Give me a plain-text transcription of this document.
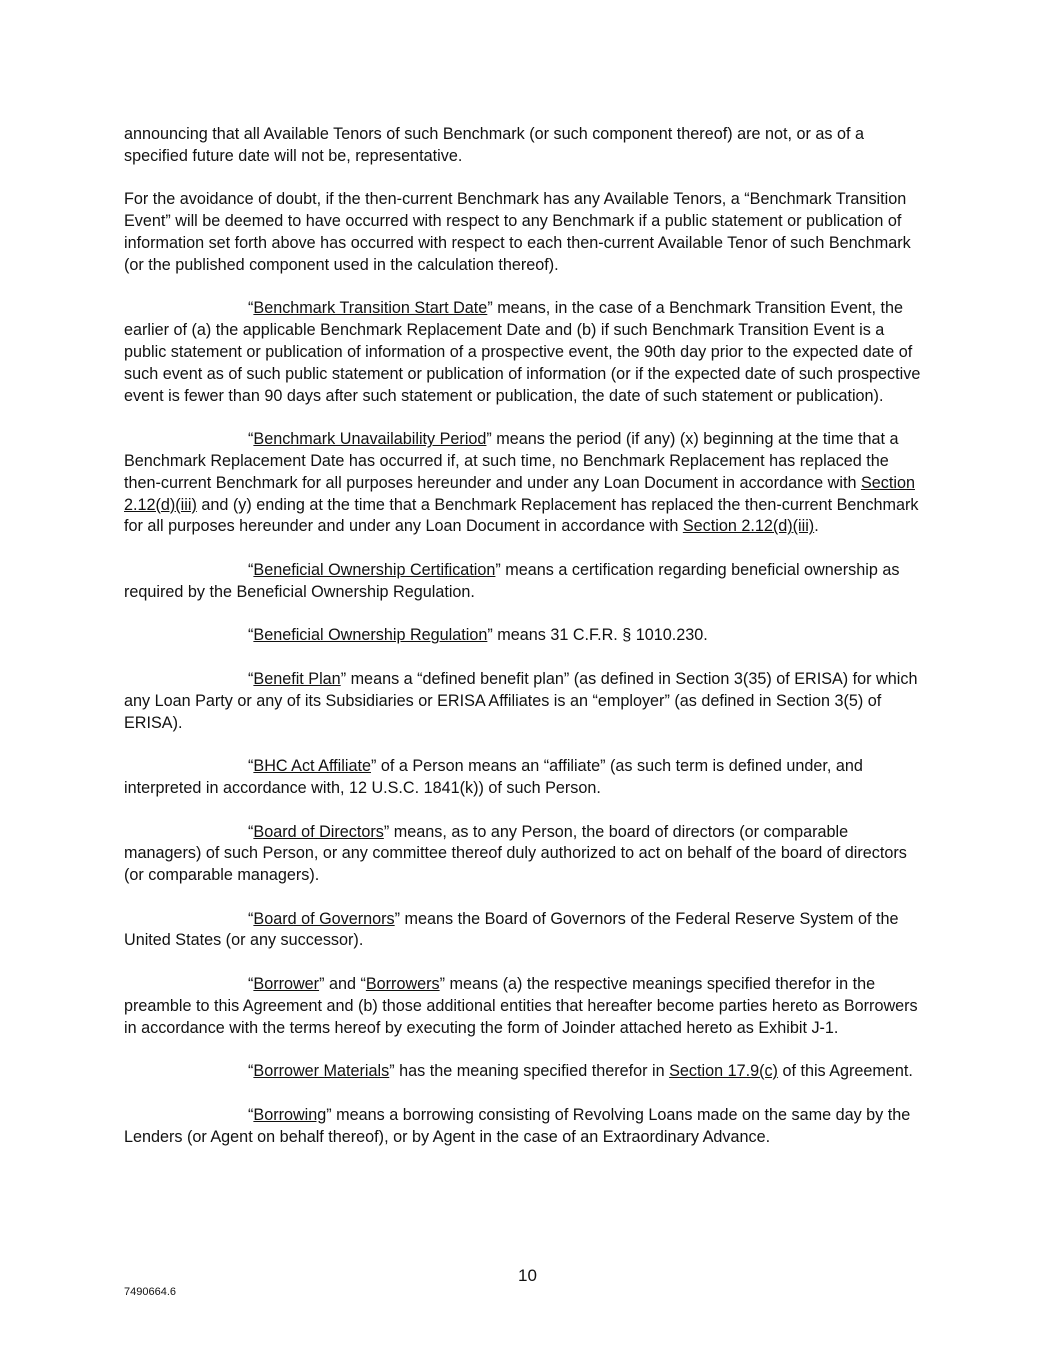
announcing that all Available Tenors of such Benchmark (or such component thereof) are not, or as of a specified future date will not be, representative.

For the avoidance of doubt, if the then-current Benchmark has any Available Tenors, a “Benchmark Transition Event” will be deemed to have occurred with respect to any Benchmark if a public statement or publication of information set forth above has occurred with respect to each then-current Available Tenor of such Benchmark (or the published component used in the calculation thereof).

“Benchmark Transition Start Date” means, in the case of a Benchmark Transition Event, the earlier of (a) the applicable Benchmark Replacement Date and (b) if such Benchmark Transition Event is a public statement or publication of information of a prospective event, the 90th day prior to the expected date of such event as of such public statement or publication of information (or if the expected date of such prospective event is fewer than 90 days after such statement or publication, the date of such statement or publication).

“Benchmark Unavailability Period” means the period (if any) (x) beginning at the time that a Benchmark Replacement Date has occurred if, at such time, no Benchmark Replacement has replaced the then-current Benchmark for all purposes hereunder and under any Loan Document in accordance with Section 2.12(d)(iii) and (y) ending at the time that a Benchmark Replacement has replaced the then-current Benchmark for all purposes hereunder and under any Loan Document in accordance with Section 2.12(d)(iii).

“Beneficial Ownership Certification” means a certification regarding beneficial ownership as required by the Beneficial Ownership Regulation.

“Beneficial Ownership Regulation” means 31 C.F.R. § 1010.230.

“Benefit Plan” means a “defined benefit plan” (as defined in Section 3(35) of ERISA) for which any Loan Party or any of its Subsidiaries or ERISA Affiliates is an “employer” (as defined in Section 3(5) of ERISA).

“BHC Act Affiliate” of a Person means an “affiliate” (as such term is defined under, and interpreted in accordance with, 12 U.S.C. 1841(k)) of such Person.

“Board of Directors” means, as to any Person, the board of directors (or comparable managers) of such Person, or any committee thereof duly authorized to act on behalf of the board of directors (or comparable managers).

“Board of Governors” means the Board of Governors of the Federal Reserve System of the United States (or any successor).

“Borrower” and “Borrowers” means (a) the respective meanings specified therefor in the preamble to this Agreement and (b) those additional entities that hereafter become parties hereto as Borrowers in accordance with the terms hereof by executing the form of Joinder attached hereto as Exhibit J-1.

“Borrower Materials” has the meaning specified therefor in Section 17.9(c) of this Agreement.

“Borrowing” means a borrowing consisting of Revolving Loans made on the same day by the Lenders (or Agent on behalf thereof), or by Agent in the case of an Extraordinary Advance.

10
7490664.6
